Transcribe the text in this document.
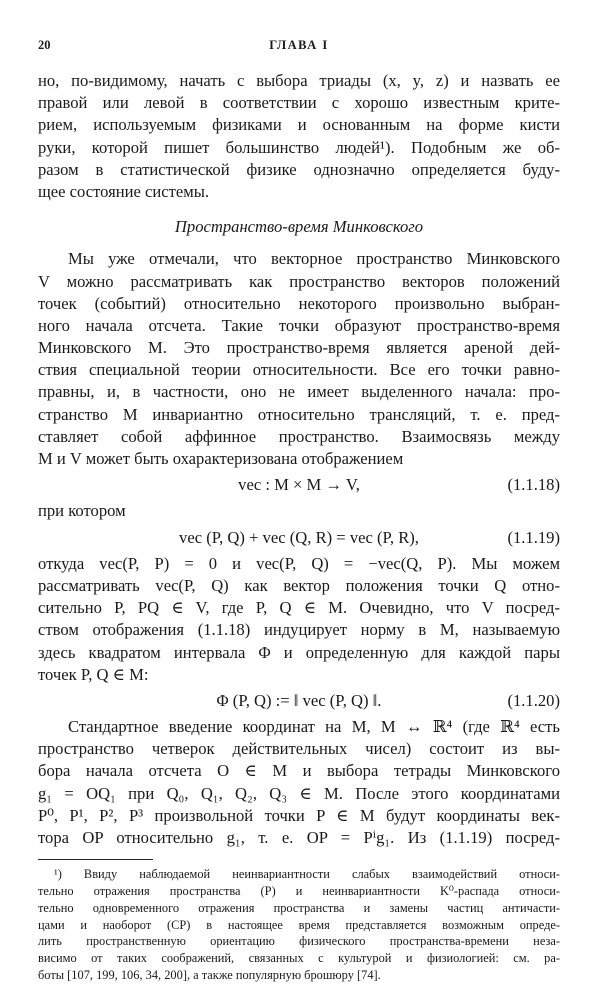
20	ГЛАВА I
но, по-видимому, начать с выбора триады (x, y, z) и назвать ее
правой или левой в соответствии с хорошо известным крите-
рием, используемым физиками и основанным на форме кисти
руки, которой пишет большинство людей¹). Подобным же об-
разом в статистической физике однозначно определяется буду-
щее состояние системы.
Пространство-время Минковского
Мы уже отмечали, что векторное пространство Минковского
V можно рассматривать как пространство векторов положений
точек (событий) относительно некоторого произвольно выбран-
ного начала отсчета. Такие точки образуют пространство-время
Минковского M. Это пространство-время является ареной дей-
ствия специальной теории относительности. Все его точки равно-
правны, и, в частности, оно не имеет выделенного начала: про-
странство M инвариантно относительно трансляций, т. е. пред-
ставляет собой аффинное пространство. Взаимосвязь между
M и V может быть охарактеризована отображением
vec : M × M → V,	(1.1.18)
при котором
vec (P, Q) + vec (Q, R) = vec (P, R),	(1.1.19)
откуда vec(P, P) = 0 и vec(P, Q) = −vec(Q, P). Мы можем
рассматривать vec(P, Q) как вектор положения точки Q отно-
сительно P, PQ ∈ V, где P, Q ∈ M. Очевидно, что V посред-
ством отображения (1.1.18) индуцирует норму в M, называемую
здесь квадратом интервала Φ и определенную для каждой пары
точек P, Q ∈ M:
Φ (P, Q) := ‖ vec (P, Q) ‖.	(1.1.20)
Стандартное введение координат на M, M ↔ ℝ⁴ (где ℝ⁴ есть
пространство четверок действительных чисел) состоит из вы-
бора начала отсчета O ∈ M и выбора тетрады Минковского
g₁ = OQ₁ при Q₀, Q₁, Q₂, Q₃ ∈ M. После этого координатами
P⁰, P¹, P², P³ произвольной точки P ∈ M будут координаты век-
тора OP относительно g₁, т. е. OP = Pⁱg₁. Из (1.1.19) посред-
¹) Ввиду наблюдаемой неинвариантности слабых взаимодействий относи-
тельно отражения пространства (P) и неинвариантности K⁰-распада относи-
тельно одновременного отражения пространства и замены частиц античасти-
цами и наоборот (CP) в настоящее время представляется возможным опреде-
лить пространственную ориентацию физического пространства-времени неза-
висимо от таких соображений, связанных с культурой и физиологией: см. ра-
боты [107, 199, 106, 34, 200], а также популярную брошюру [74].
